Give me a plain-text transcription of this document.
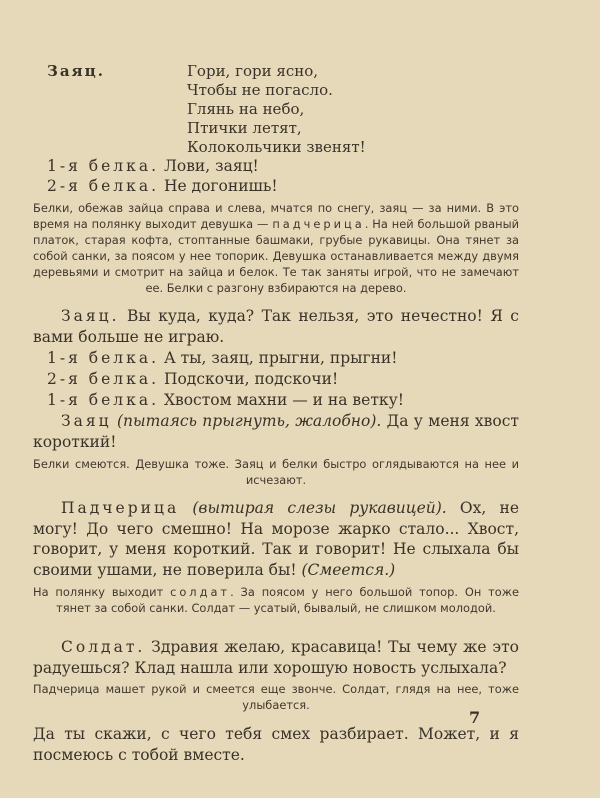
Заяц.	Гори, гори ясно,
Чтобы не погасло.
Глянь на небо,
Птички летят,
Колокольчики звенят!
1-я белка. Лови, заяц!
2-я белка. Не догонишь!
Белки, обежав зайца справа и слева, мчатся по снегу, заяц — за ними. В это время на полянку выходит девушка — падчерица. На ней большой рваный платок, старая кофта, стоптанные башмаки, грубые рукавицы. Она тянет за собой санки, за поясом у нее топорик. Девушка останавливается между двумя деревьями и смотрит на зайца и белок. Те так заняты игрой, что не замечают ее. Белки с разгону взбираются на дерево.
Заяц. Вы куда, куда? Так нельзя, это нечестно! Я с вами больше не играю.
1-я белка. А ты, заяц, прыгни, прыгни!
2-я белка. Подскочи, подскочи!
1-я белка. Хвостом махни — и на ветку!
Заяц (пытаясь прыгнуть, жалобно). Да у меня хвост короткий!
Белки смеются. Девушка тоже. Заяц и белки быстро оглядываются на нее и исчезают.
Падчерица (вытирая слезы рукавицей). Ох, не могу! До чего смешно! На морозе жарко стало... Хвост, говорит, у меня короткий. Так и говорит! Не слыхала бы своими ушами, не поверила бы! (Смеется.)
На полянку выходит солдат. За поясом у него большой топор. Он тоже тянет за собой санки. Солдат — усатый, бывалый, не слишком молодой.
Солдат. Здравия желаю, красавица! Ты чему же это радуешься? Клад нашла или хорошую новость услыхала?
Падчерица машет рукой и смеется еще звонче. Солдат, глядя на нее, тоже улыбается.
Да ты скажи, с чего тебя смех разбирает. Может, и я посмеюсь с тобой вместе.
7
